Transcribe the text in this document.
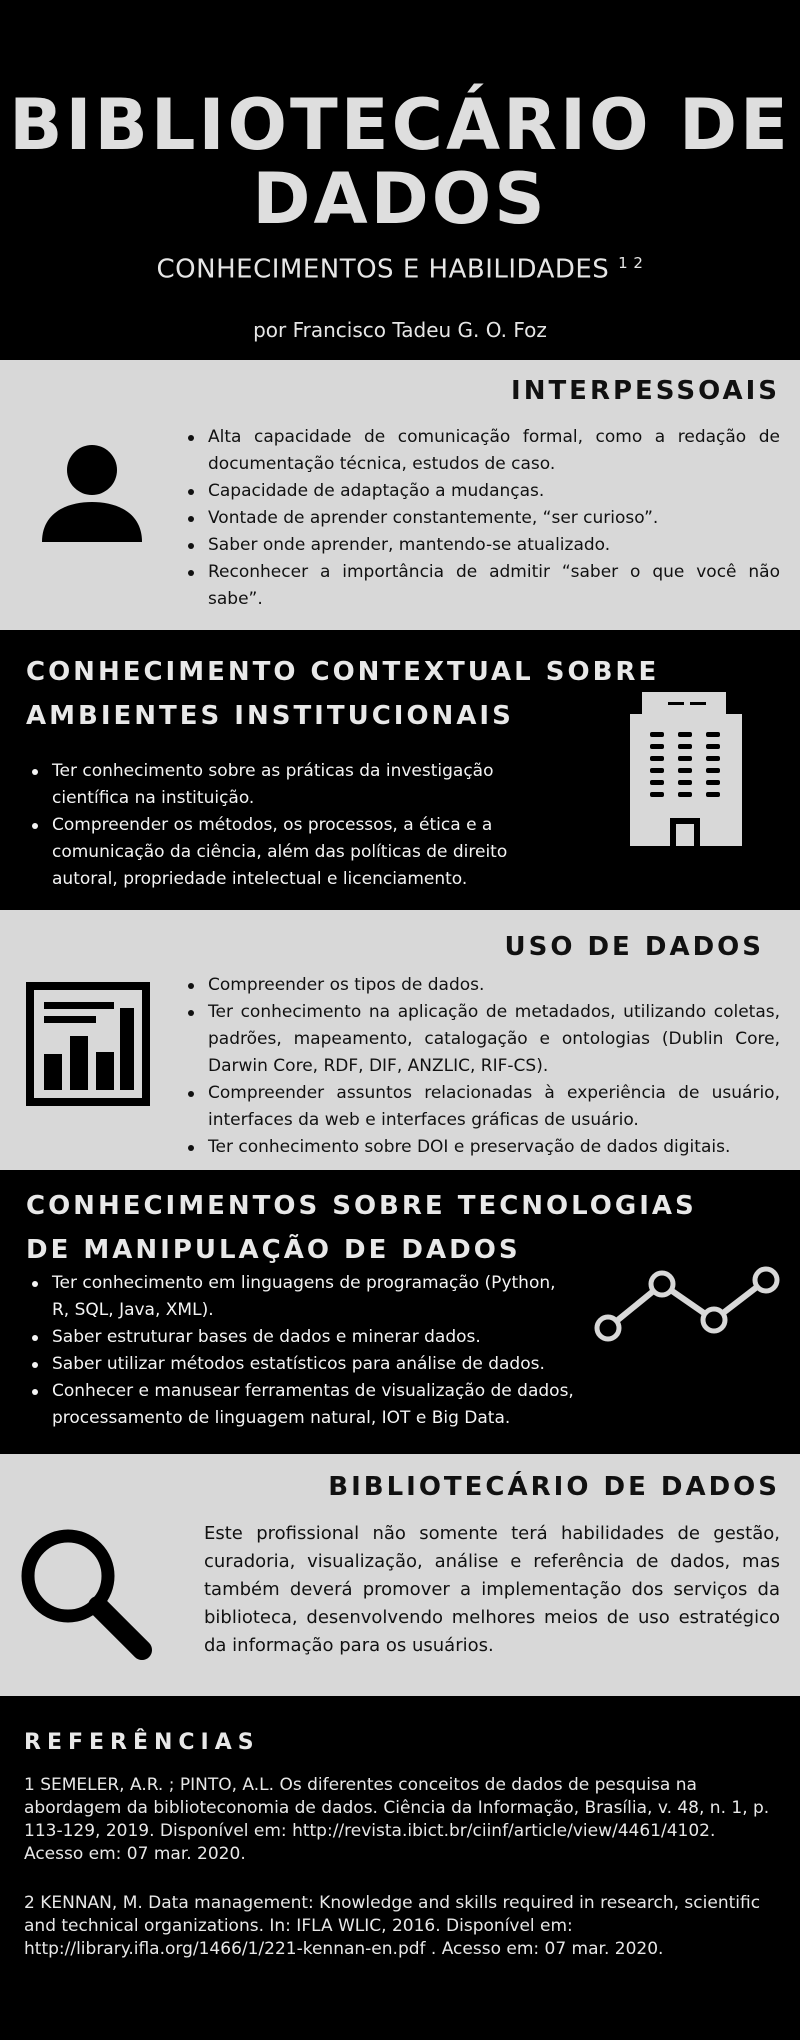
BIBLIOTECÁRIO DE
DADOS
CONHECIMENTOS E HABILIDADES $^{1 2}$
por Francisco Tadeu G. O. Foz
INTERPESSOAIS
Alta capacidade de comunicação formal, como a redação de documentação técnica, estudos de caso.
Capacidade de adaptação a mudanças.
Vontade de aprender constantemente, “ser curioso”.
Saber onde aprender, mantendo-se atualizado.
Reconhecer a importância de admitir “saber o que você não sabe”.
CONHECIMENTO CONTEXTUAL SOBRE
AMBIENTES INSTITUCIONAIS
Ter conhecimento sobre as práticas da investigação científica na instituição.
Compreender os métodos, os processos, a ética e a comunicação da ciência, além das políticas de direito autoral, propriedade intelectual e licenciamento.
USO DE DADOS
Compreender os tipos de dados.
Ter conhecimento na aplicação de metadados, utilizando coletas, padrões, mapeamento, catalogação e ontologias (Dublin Core, Darwin Core, RDF, DIF, ANZLIC, RIF-CS).
Compreender assuntos relacionadas à experiência de usuário, interfaces da web e interfaces gráficas de usuário.
Ter conhecimento sobre DOI e preservação de dados digitais.
CONHECIMENTOS SOBRE TECNOLOGIAS
DE MANIPULAÇÃO DE DADOS
Ter conhecimento em linguagens de programação (Python, R, SQL, Java, XML).
Saber estruturar bases de dados e minerar dados.
Saber utilizar métodos estatísticos para análise de dados.
Conhecer e manusear ferramentas de visualização de dados, processamento de linguagem natural, IOT e Big Data.
BIBLIOTECÁRIO DE DADOS

Este profissional não somente terá habilidades de gestão, curadoria, visualização, análise e referência de dados, mas também deverá promover a implementação dos serviços da biblioteca, desenvolvendo melhores meios de uso estratégico da informação para os usuários.

REFERÊNCIAS

1 SEMELER, A.R. ; PINTO, A.L. Os diferentes conceitos de dados de pesquisa na abordagem da biblioteconomia de dados. Ciência da Informação, Brasília, v. 48, n. 1, p. 113-129, 2019. Disponível em: http://revista.ibict.br/ciinf/article/view/4461/4102. Acesso em: 07 mar. 2020.

2 KENNAN, M. Data management: Knowledge and skills required in research, scientific and technical organizations. In: IFLA WLIC, 2016. Disponível em: http://library.ifla.org/1466/1/221-kennan-en.pdf . Acesso em: 07 mar. 2020.
